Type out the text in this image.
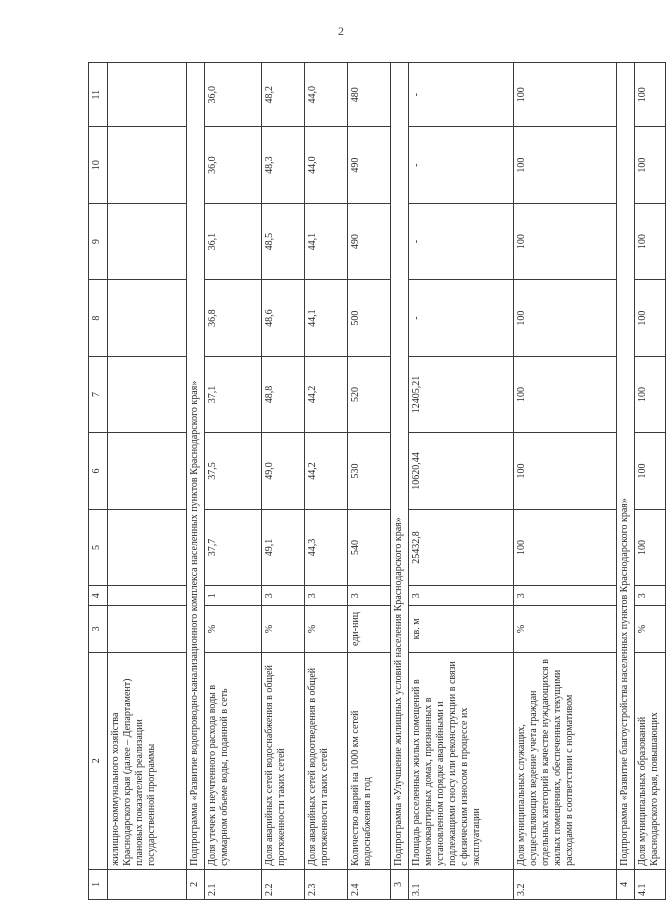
2
1	2	3	4	5	6	7	8	9	10	11
	жилищно-коммунального хозяйства Краснодарского края (далее – Департамент) плановых показателей реализации государственной программы									
2	Подпрограмма «Развитие водопроводно-канализационного комплекса населенных пунктов Краснодарского края»									
2.1	Доля утечек и неучтенного расхода воды в суммарном объеме воды, поданной в сеть	%	1	37,7	37,5	37,1	36,8	36,1	36,0	36,0
2.2	Доля аварийных сетей водоснабжения в общей протяженности таких сетей	%	3	49,1	49,0	48,8	48,6	48,5	48,3	48,2
2.3	Доля аварийных сетей водоотведения в общей протяженности таких сетей	%	3	44,3	44,2	44,2	44,1	44,1	44,0	44,0
2.4	Количество аварий на 1000 км сетей водоснабжения в год	еди-ниц	3	540	530	520	500	490	490	480
3	Подпрограмма «Улучшение жилищных условий населения Краснодарского края»									
3.1	Площадь расселенных жилых помещений в многоквартирных домах, признанных в установленном порядке аварийными и подлежащими сносу или реконструкции в связи с физическим износом в процессе их эксплуатации	кв. м	3	25432,8	10620,44	12405,21	-	-	-	-
3.2	Доля муниципальных служащих, осуществляющих ведение учета граждан отдельных категорий в качестве нуждающихся в жилых помещениях, обеспеченных текущими расходами в соответствии с нормативом	%	3	100	100	100	100	100	100	100
4	Подпрограмма «Развитие благоустройства населенных пунктов Краснодарского края»									
4.1	Доля муниципальных образований Краснодарского края, повышающих	%	3	100	100	100	100	100	100	100
